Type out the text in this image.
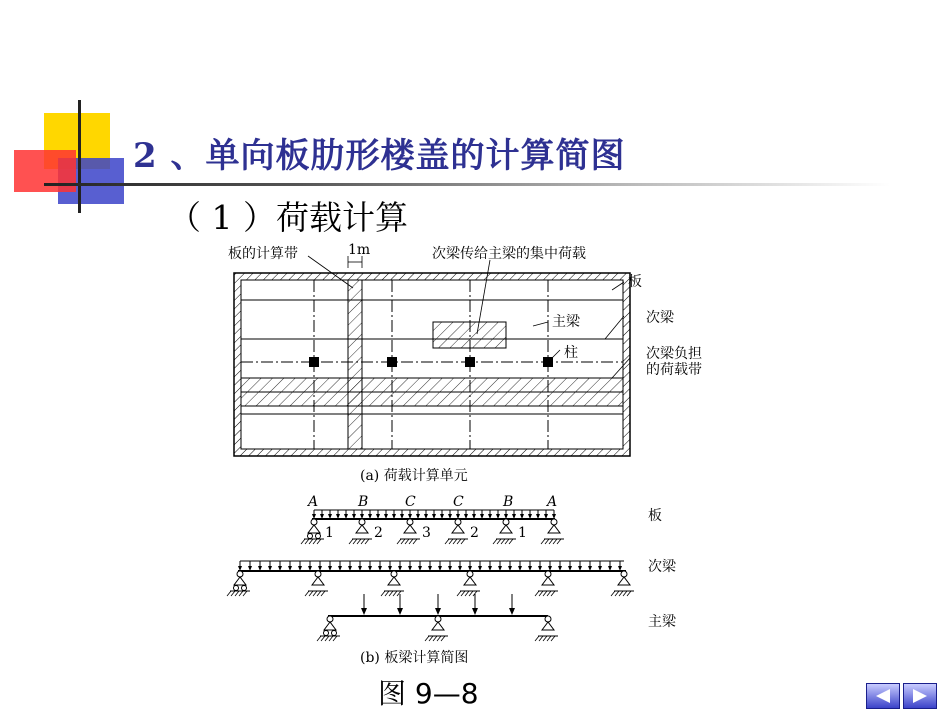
2 、单向板肋形楼盖的计算简图
（ 1 ）荷载计算
板的计算带	1m	次梁传给主梁的集中荷载
板
次梁
主梁
柱	次梁负担
的荷载带
(a) 荷载计算单元
A	B	C	C	B A
1	2	3	2	1
板
次梁
主梁
(b) 板梁计算简图
图 9—8
